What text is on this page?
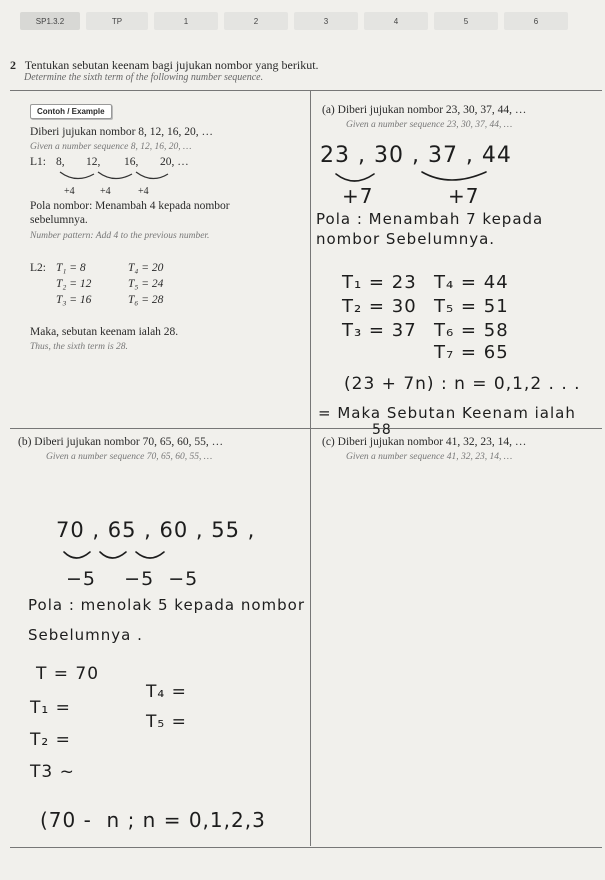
SP1.3.2	TP	1	2	3	4	5	6
2 Tentukan sebutan keenam bagi jujukan nombor yang berikut.
Determine the sixth term of the following number sequence.
Contoh / Example
Diberi jujukan nombor 8, 12, 16, 20, …
Given a number sequence 8, 12, 16, 20, …
L1: 8, 12, 16, 20, …
+4	+4	+4
Pola nombor: Menambah 4 kepada nombor
sebelumnya.
Number pattern: Add 4 to the previous number.
L2: T₁ = 8
T₂ = 12
T₃ = 16
T₄ = 20
T₅ = 24
T₆ = 28
Maka, sebutan keenam ialah 28.
Thus, the sixth term is 28.
(a) Diberi jujukan nombor 23, 30, 37, 44, …
Given a number sequence 23, 30, 37, 44, …
23 , 30 , 37 , 44
+7	+7
Pola : Menambah 7 kepada
nombor Sebelumnya.
T₁ = 23
T₂ = 30
T₃ = 37
T₄ = 44
T₅ = 51
T₆ = 58
T₇ = 65
(23 + 7n) : n = 0,1,2 . . .
= Maka Sebutan Keenam ialah
(b) Diberi jujukan nombor 70, 65, 60, 55, …
Given a number sequence 70, 65, 60, 55, …
70 , 65 , 60 , 55 ,
−5    −5  −5
Pola : menolak 5 kepada nombor
Sebelumnya .
T = 70
T₁ =
T₂ =
T3 ~
T₄ =
T₅ =
(70 -  n ; n = 0,1,2,3
(c) Diberi jujukan nombor 41, 32, 23, 14, …
Given a number sequence 41, 32, 23, 14, …
58
